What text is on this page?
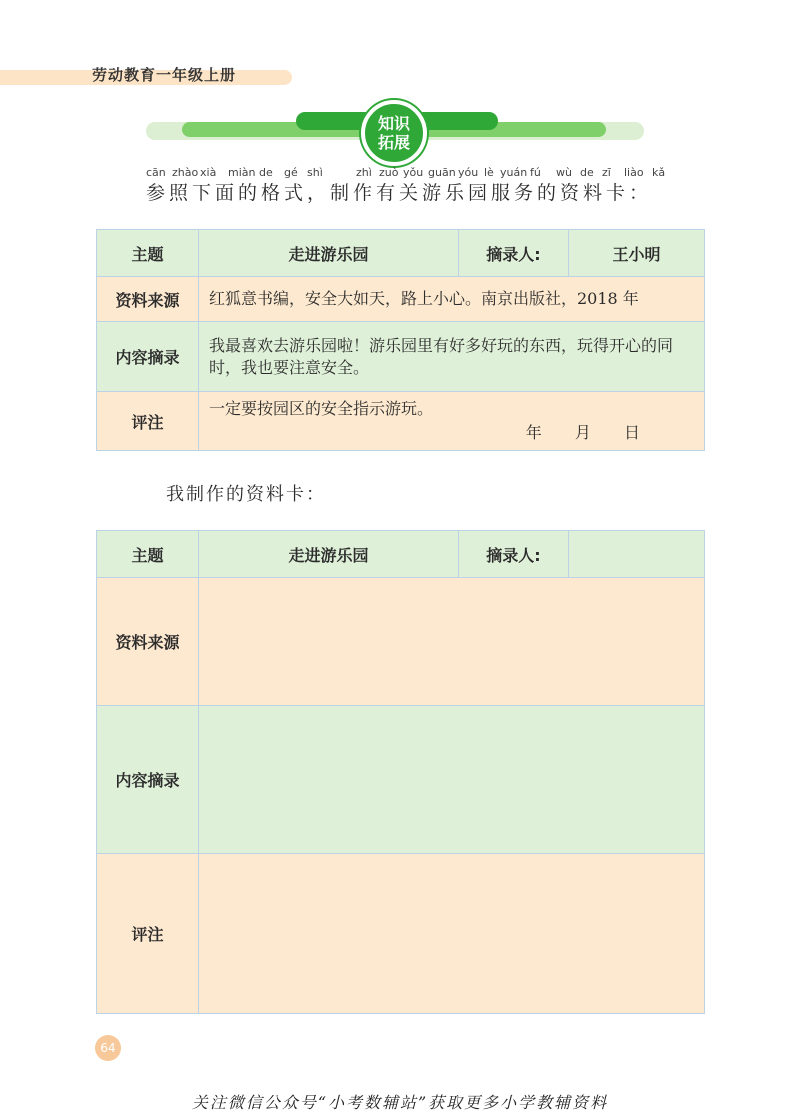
劳动教育一年级上册
知识
拓展
cān zhào xià miàn de gé shì	zhì zuò yǒu guān yóu lè yuán fú wù de zī liào kǎ
参照下面的格式，制作有关游乐园服务的资料卡：
主题	走进游乐园	摘录人:	王小明
资料来源	红狐意书编，安全大如天，路上小心。南京出版社，2018 年		
内容摘录	我最喜欢去游乐园啦！游乐园里有好多好玩的东西，玩得开心的同时，我也要注意安全。		
评注	一定要按园区的安全指示游玩。
年 月 日		
我制作的资料卡：
主题	走进游乐园	摘录人:	
资料来源			
内容摘录			
评注			
64
关注微信公众号“小考数辅站”获取更多小学教辅资料
